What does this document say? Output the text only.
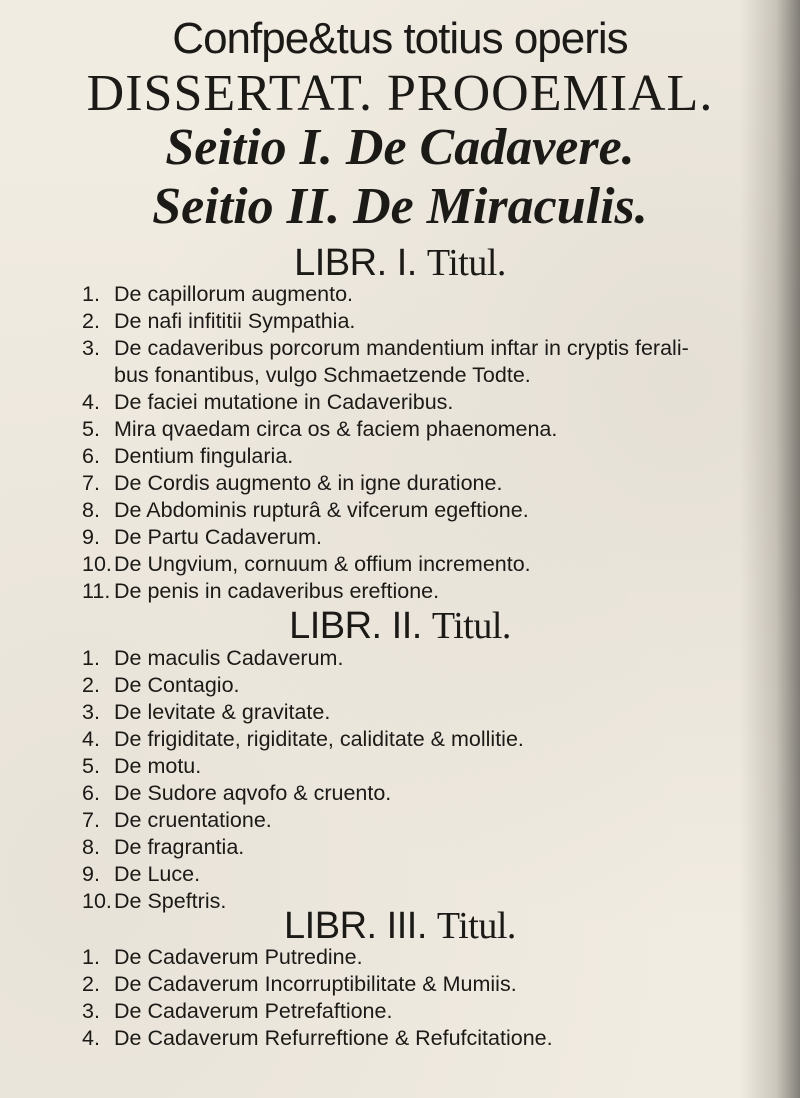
Confpe&tus totius operis
DISSERTAT. PROOEMIAL.
Seitio I. De Cadavere.
Seitio II. De Miraculis.
LIBR. I. Titul.
1. De capillorum augmento.
2. De nafi infititii Sympathia.
3. De cadaveribus porcorum mandentium inftar in cryptis ferali-
bus fonantibus, vulgo Schmaetzende Todte.
4. De faciei mutatione in Cadaveribus.
5. Mira qvaedam circa os & faciem phaenomena.
6. Dentium fingularia.
7. De Cordis augmento & in igne duratione.
8. De Abdominis rupturâ & vifcerum egeftione.
9. De Partu Cadaverum.
10.De Ungvium, cornuum & offium incremento.
11. De penis in cadaveribus ereftione.
LIBR. II. Titul.
1. De maculis Cadaverum.
2. De Contagio.
3. De levitate & gravitate.
4. De frigiditate, rigiditate, caliditate & mollitie.
5. De motu.
6. De Sudore aqvofo & cruento.
7. De cruentatione.
8. De fragrantia.
9. De Luce.
10.De Speftris.
LIBR. III. Titul.
1. De Cadaverum Putredine.
2. De Cadaverum Incorruptibilitate & Mumiis.
3. De Cadaverum Petrefaftione.
4. De Cadaverum Refurreftione & Refufcitatione.
